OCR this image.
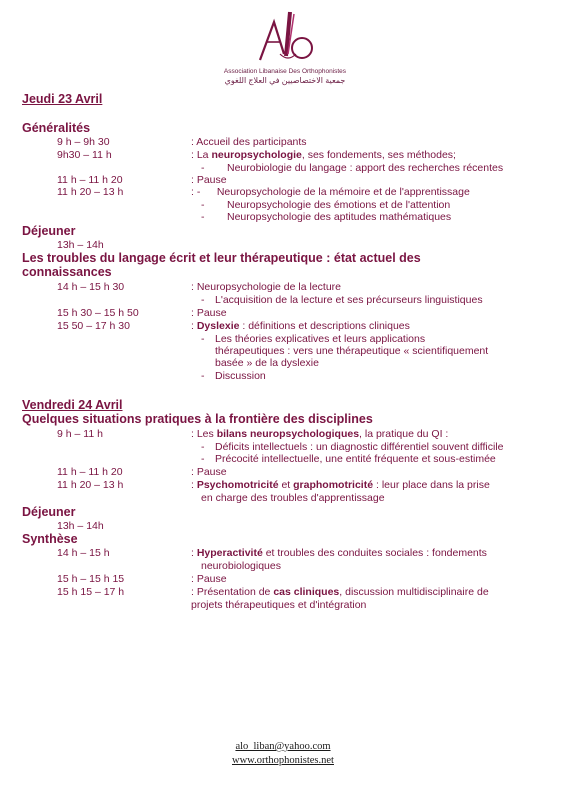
Association Libanaise Des Orthophonistes
جمعية الاختصاصيين في العلاج اللغوي
Jeudi 23 Avril
Généralités
9 h – 9h 30	: Accueil des participants
9h30 – 11 h	: La neuropsychologie, ses fondements, ses méthodes;
- Neurobiologie du langage : apport des recherches récentes
11 h – 11 h 20	: Pause
11 h 20 – 13 h	: - Neuropsychologie de la mémoire et de l'apprentissage
- Neuropsychologie des émotions et de l'attention
- Neuropsychologie des aptitudes mathématiques
Déjeuner
13h – 14h
Les troubles du langage écrit et leur thérapeutique : état actuel des
connaissances
14 h – 15 h 30	: Neuropsychologie de la lecture
- L'acquisition de la lecture et ses précurseurs linguistiques
15 h 30 – 15 h 50	: Pause
15 50 – 17 h 30	: Dyslexie : définitions et descriptions cliniques
- Les théories explicatives et leurs applications
thérapeutiques : vers une thérapeutique « scientifiquement
basée » de la dyslexie
- Discussion
Vendredi 24 Avril
Quelques situations pratiques à la frontière des disciplines
9 h – 11 h	: Les bilans neuropsychologiques, la pratique du QI :
- Déficits intellectuels : un diagnostic différentiel souvent difficile
- Précocité intellectuelle, une entité fréquente et sous-estimée
11 h – 11 h 20	: Pause
11 h 20 – 13 h	: Psychomotricité et graphomotricité : leur place dans la prise
en charge des troubles d'apprentissage
Déjeuner
13h – 14h
Synthèse
14 h – 15 h	: Hyperactivité et troubles des conduites sociales : fondements
neurobiologiques
15 h – 15 h 15	: Pause
15 h 15 – 17 h	: Présentation de cas cliniques, discussion multidisciplinaire de
projets thérapeutiques et d'intégration
alo_liban@yahoo.com
www.orthophonistes.net
